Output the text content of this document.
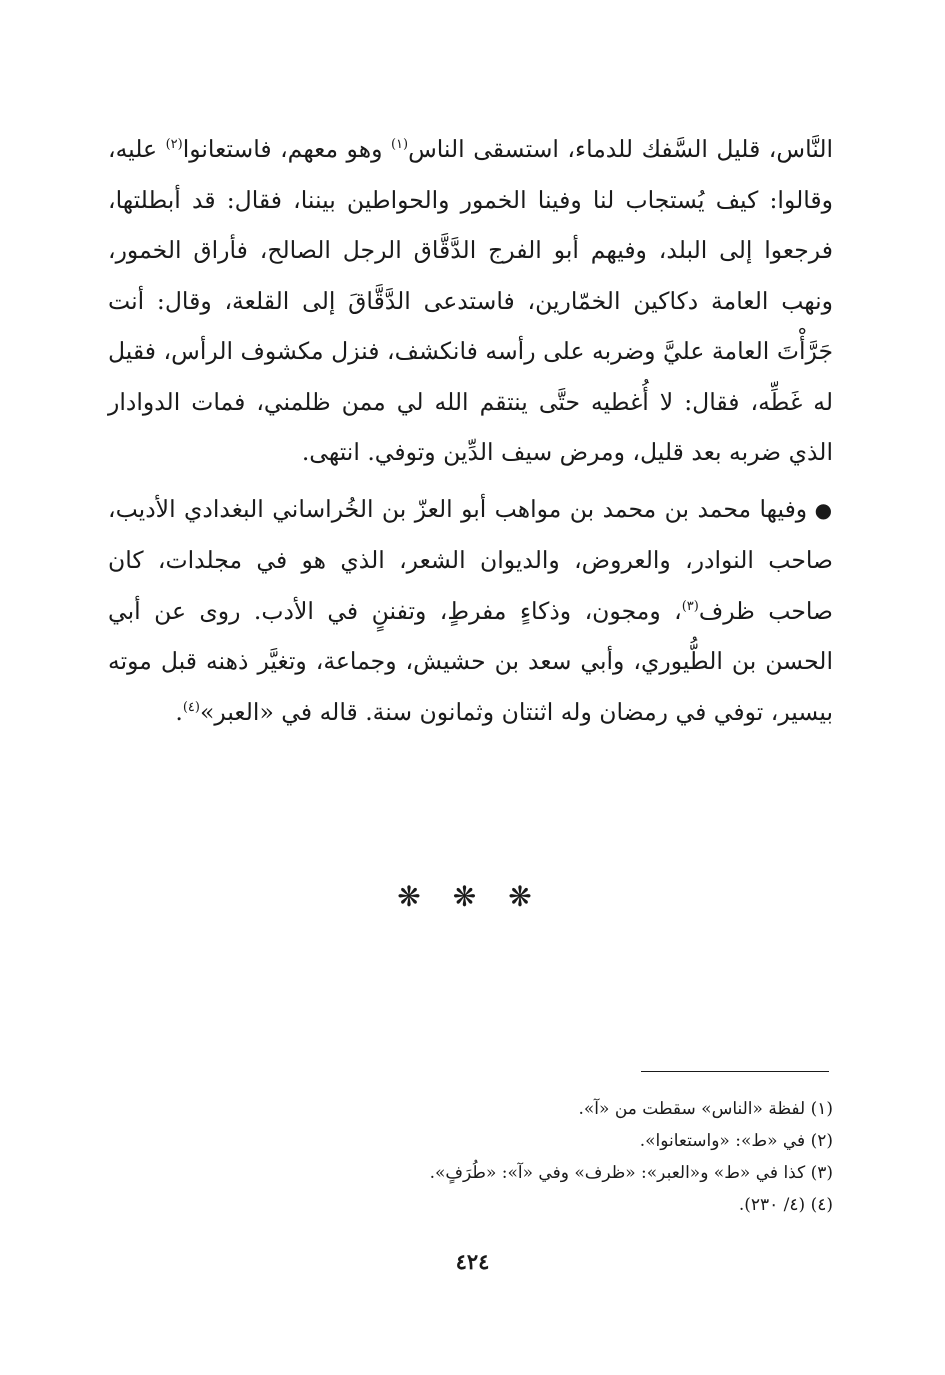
النَّاس، قليل السَّفك للدماء، استسقى الناس$^{(١)}$ وهو معهم، فاستعانوا$^{(٢)}$ عليه، وقالوا: كيف يُستجاب لنا وفينا الخمور والحواطين بيننا، فقال: قد أبطلتها، فرجعوا إلى البلد، وفيهم أبو الفرج الدَّقَّاق الرجل الصالح، فأراق الخمور، ونهب العامة دكاكين الخمّارين، فاستدعى الدَّقَّاقَ إلى القلعة، وقال: أنت جَرَّأْتَ العامة عليَّ وضربه على رأسه فانكشف، فنزل مكشوف الرأس، فقيل له غَطِّه، فقال: لا أُغطيه حتَّى ينتقم الله لي ممن ظلمني، فمات الدوادار الذي ضربه بعد قليل، ومرض سيف الدِّين وتوفي. انتهى.

● وفيها محمد بن محمد بن مواهب أبو العزّ بن الخُراساني البغدادي الأديب، صاحب النوادر، والعروض، والديوان الشعر، الذي هو في مجلدات، كان صاحب ظرف$^{(٣)}$، ومجون، وذكاءٍ مفرطٍ، وتفننٍ في الأدب. روى عن أبي الحسن بن الطُّيوري، وأبي سعد بن حشيش، وجماعة، وتغيَّر ذهنه قبل موته بيسير، توفي في رمضان وله اثنتان وثمانون سنة. قاله في «العبر»$^{(٤)}$.

❋ ❋ ❋
(١) لفظة «الناس» سقطت من «آ».
(٢) في «ط»: «واستعانوا».
(٣) كذا في «ط» و«العبر»: «ظرف» وفي «آ»: «طُرَفٍ».
(٤) (٤/ ٢٣٠).
٤٢٤
